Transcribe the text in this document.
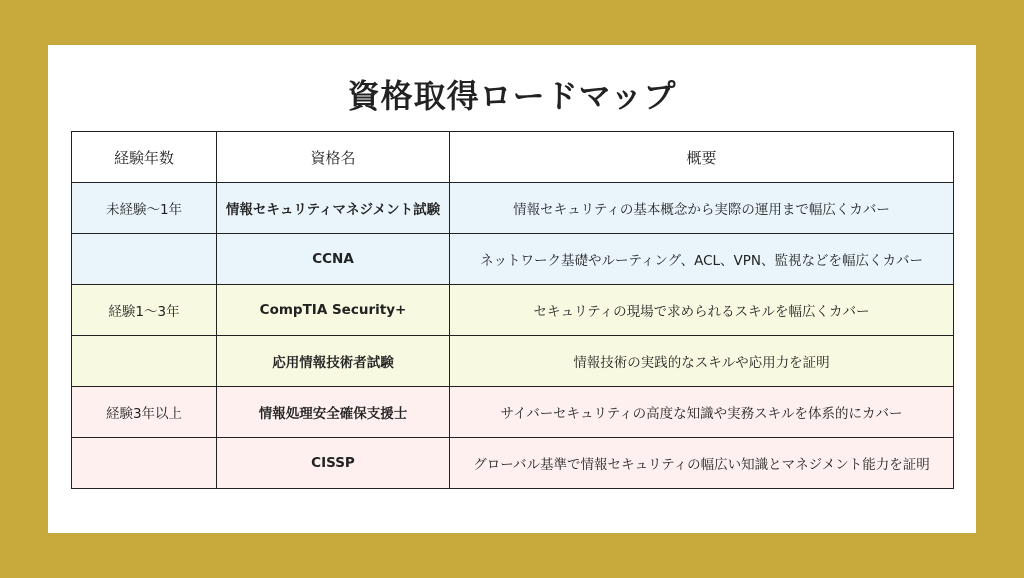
資格取得ロードマップ
経験年数	資格名	概要
未経験〜1年	情報セキュリティマネジメント試験	情報セキュリティの基本概念から実際の運用まで幅広くカバー
	CCNA	ネットワーク基礎やルーティング、ACL、VPN、監視などを幅広くカバー
経験1〜3年	CompTIA Security+	セキュリティの現場で求められるスキルを幅広くカバー
	応用情報技術者試験	情報技術の実践的なスキルや応用力を証明
経験3年以上	情報処理安全確保支援士	サイバーセキュリティの高度な知識や実務スキルを体系的にカバー
	CISSP	グローバル基準で情報セキュリティの幅広い知識とマネジメント能力を証明
